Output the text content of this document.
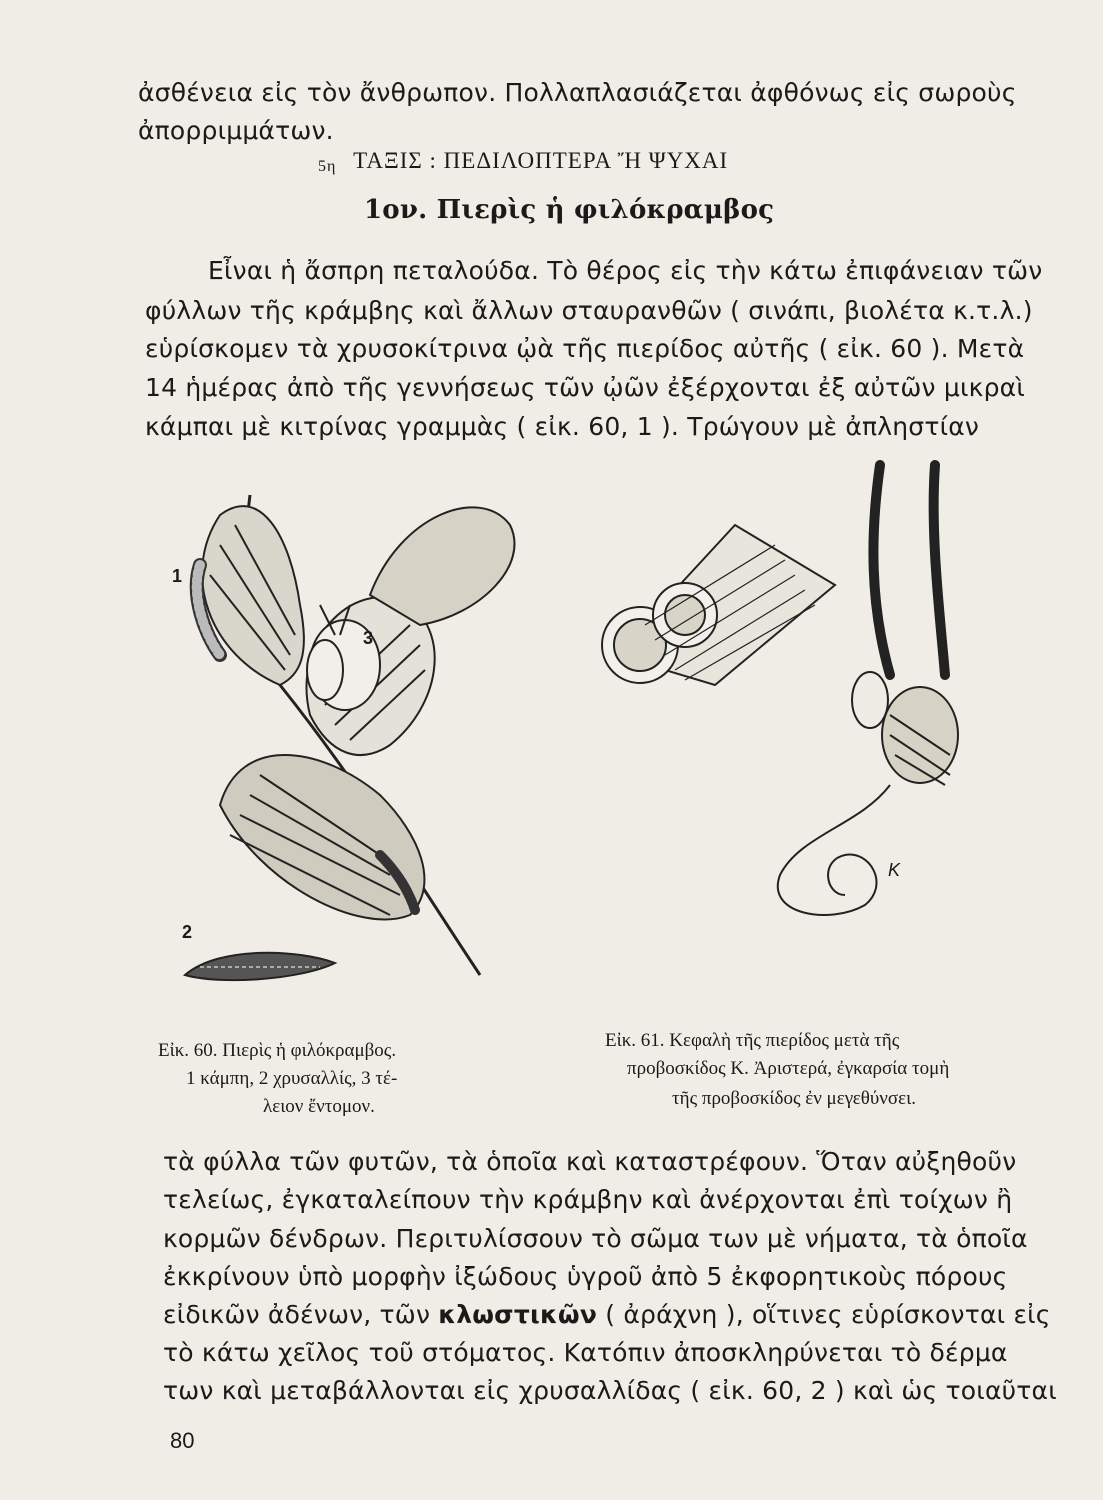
ἀσθένεια εἰς τὸν ἄνθρωπον. Πολλαπλασιάζεται ἀφθόνως εἰς σωροὺς
ἀπορριμμάτων.
5η ΤΑΞΙΣ : ΠΕΔΙΛΟΠΤΕΡΑ Ἤ ΨΥΧΑΙ
1ον. Πιερὶς ἡ φιλόκραμβος
Εἶναι ἡ ἄσπρη πεταλούδα. Τὸ θέρος εἰς τὴν κάτω ἐπιφάνειαν τῶν
φύλλων τῆς κράμβης καὶ ἄλλων σταυρανθῶν ( σινάπι, βιολέτα κ.τ.λ.)
εὑρίσκομεν τὰ χρυσοκίτρινα ᾠὰ τῆς πιερίδος αὐτῆς ( εἰκ. 60 ). Μετὰ
14 ἡμέρας ἀπὸ τῆς γεννήσεως τῶν ᾠῶν ἐξέρχονται ἐξ αὐτῶν μικραὶ
κάμπαι μὲ κιτρίνας γραμμὰς ( εἰκ. 60, 1 ). Τρώγουν μὲ ἀπληστίαν
1
2
3
K
Εἰκ. 60. Πιερὶς ἡ φιλόκραμβος.
1 κάμπη, 2 χρυσαλλίς, 3 τέ-
λειον ἔντομον.
Εἰκ. 61. Κεφαλὴ τῆς πιερίδος μετὰ τῆς
προβοσκίδος Κ. Ἀριστερά, ἐγκαρσία τομὴ
τῆς προβοσκίδος ἐν μεγεθύνσει.
τὰ φύλλα τῶν φυτῶν, τὰ ὁποῖα καὶ καταστρέφουν. Ὅταν αὐξηθοῦν
τελείως, ἐγκαταλείπουν τὴν κράμβην καὶ ἀνέρχονται ἐπὶ τοίχων ἢ
κορμῶν δένδρων. Περιτυλίσσουν τὸ σῶμα των μὲ νήματα, τὰ ὁποῖα
ἐκκρίνουν ὑπὸ μορφὴν ἰξώδους ὑγροῦ ἀπὸ 5 ἐκφορητικοὺς πόρους
εἰδικῶν ἀδένων, τῶν κλωστικῶν ( ἀράχνη ), οἵτινες εὑρίσκονται εἰς
τὸ κάτω χεῖλος τοῦ στόματος. Κατόπιν ἀποσκληρύνεται τὸ δέρμα
των καὶ μεταβάλλονται εἰς χρυσαλλίδας ( εἰκ. 60, 2 ) καὶ ὡς τοιαῦται
80
